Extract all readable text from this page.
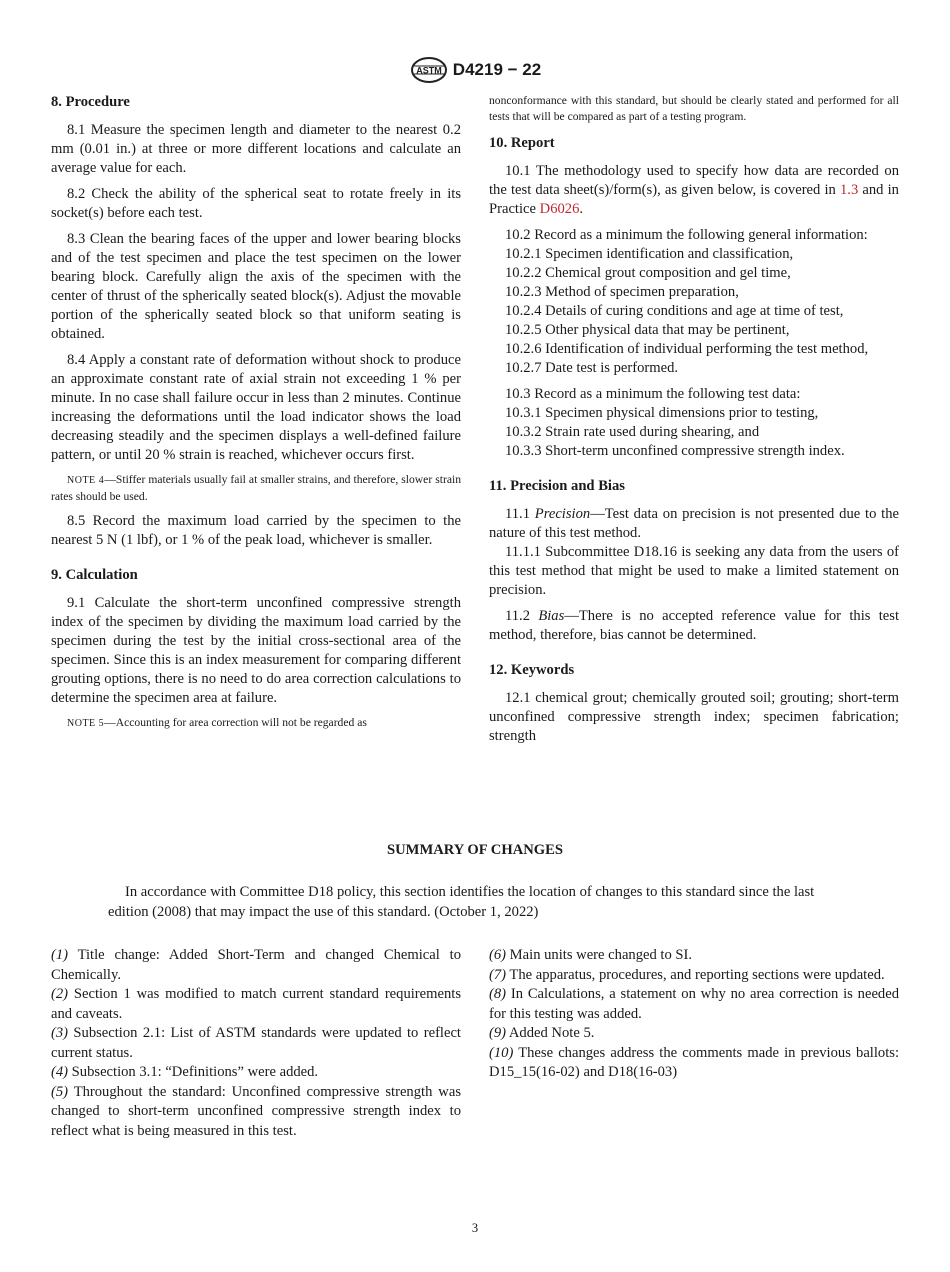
ASTM D4219 − 22
8. Procedure
8.1 Measure the specimen length and diameter to the nearest 0.2 mm (0.01 in.) at three or more different locations and calculate an average value for each.
8.2 Check the ability of the spherical seat to rotate freely in its socket(s) before each test.
8.3 Clean the bearing faces of the upper and lower bearing blocks and of the test specimen and place the test specimen on the lower bearing block. Carefully align the axis of the specimen with the center of thrust of the spherically seated block(s). Adjust the movable portion of the spherically seated block so that uniform seating is obtained.
8.4 Apply a constant rate of deformation without shock to produce an approximate constant rate of axial strain not exceeding 1 % per minute. In no case shall failure occur in less than 2 minutes. Continue increasing the deformations until the load indicator shows the load decreasing steadily and the specimen displays a well-defined failure pattern, or until 20 % strain is reached, whichever occurs first.
NOTE 4—Stiffer materials usually fail at smaller strains, and therefore, slower strain rates should be used.
8.5 Record the maximum load carried by the specimen to the nearest 5 N (1 lbf), or 1 % of the peak load, whichever is smaller.
9. Calculation
9.1 Calculate the short-term unconfined compressive strength index of the specimen by dividing the maximum load carried by the specimen during the test by the initial cross-sectional area of the specimen. Since this is an index measurement for comparing different grouting options, there is no need to do area correction calculations to determine the specimen area at failure.
NOTE 5—Accounting for area correction will not be regarded as
nonconformance with this standard, but should be clearly stated and performed for all tests that will be compared as part of a testing program.
10. Report
10.1 The methodology used to specify how data are recorded on the test data sheet(s)/form(s), as given below, is covered in 1.3 and in Practice D6026.
10.2 Record as a minimum the following general information:
10.2.1 Specimen identification and classification,
10.2.2 Chemical grout composition and gel time,
10.2.3 Method of specimen preparation,
10.2.4 Details of curing conditions and age at time of test,
10.2.5 Other physical data that may be pertinent,
10.2.6 Identification of individual performing the test method,
10.2.7 Date test is performed.
10.3 Record as a minimum the following test data:
10.3.1 Specimen physical dimensions prior to testing,
10.3.2 Strain rate used during shearing, and
10.3.3 Short-term unconfined compressive strength index.
11. Precision and Bias
11.1 Precision—Test data on precision is not presented due to the nature of this test method.
11.1.1 Subcommittee D18.16 is seeking any data from the users of this test method that might be used to make a limited statement on precision.
11.2 Bias—There is no accepted reference value for this test method, therefore, bias cannot be determined.
12. Keywords
12.1 chemical grout; chemically grouted soil; grouting; short-term unconfined compressive strength index; specimen fabrication; strength
SUMMARY OF CHANGES
In accordance with Committee D18 policy, this section identifies the location of changes to this standard since the last edition (2008) that may impact the use of this standard. (October 1, 2022)

(1) Title change: Added Short-Term and changed Chemical to Chemically.

(2) Section 1 was modified to match current standard requirements and caveats.

(3) Subsection 2.1: List of ASTM standards were updated to reflect current status.

(4) Subsection 3.1: “Definitions” were added.

(5) Throughout the standard: Unconfined compressive strength was changed to short-term unconfined compressive strength index to reflect what is being measured in this test.

(6) Main units were changed to SI.

(7) The apparatus, procedures, and reporting sections were updated.

(8) In Calculations, a statement on why no area correction is needed for this testing was added.

(9) Added Note 5.

(10) These changes address the comments made in previous ballots: D15_15(16-02) and D18(16-03)

3
